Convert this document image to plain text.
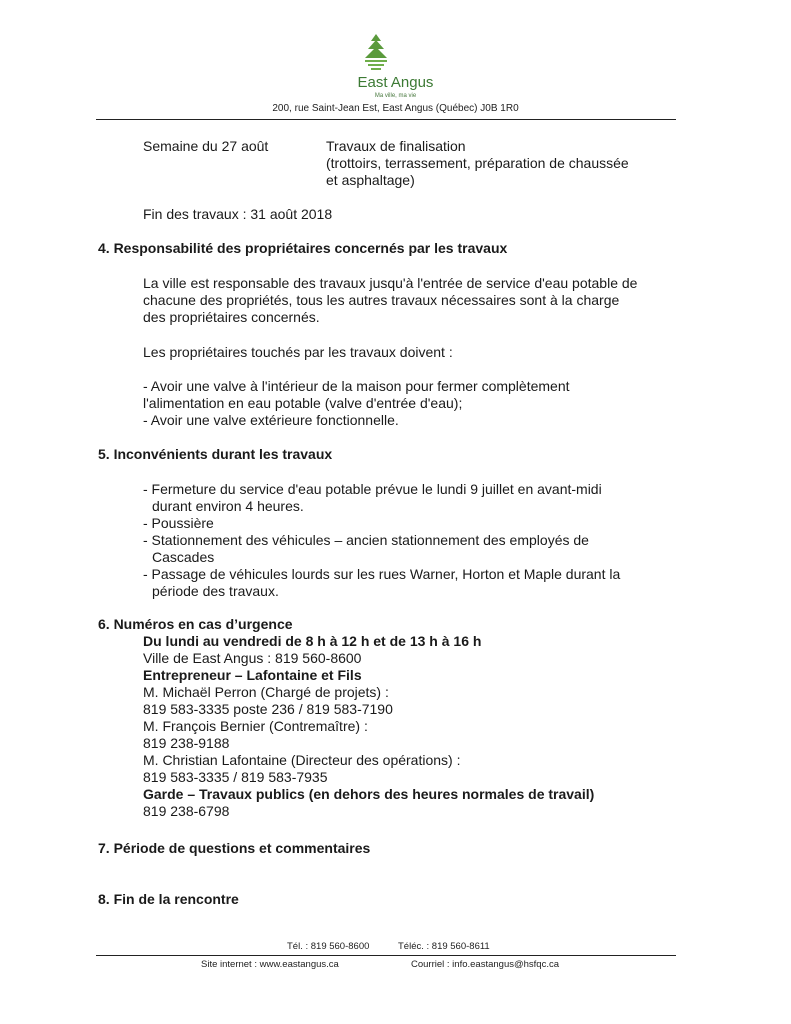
East Angus
Ma ville, ma vie
200, rue Saint-Jean Est, East Angus (Québec) J0B 1R0
Semaine du 27 août	Travaux de finalisation
(trottoirs, terrassement, préparation de chaussée
et asphaltage)
Fin des travaux : 31 août 2018
4. Responsabilité des propriétaires concernés par les travaux
La ville est responsable des travaux jusqu'à l'entrée de service d'eau potable de
chacune des propriétés, tous les autres travaux nécessaires sont à la charge
des propriétaires concernés.
Les propriétaires touchés par les travaux doivent :
- Avoir une valve à l'intérieur de la maison pour fermer complètement
l'alimentation en eau potable (valve d'entrée d'eau);
- Avoir une valve extérieure fonctionnelle.
5. Inconvénients durant les travaux
- Fermeture du service d'eau potable prévue le lundi 9 juillet en avant-midi
durant environ 4 heures.
- Poussière
- Stationnement des véhicules – ancien stationnement des employés de
Cascades
- Passage de véhicules lourds sur les rues Warner, Horton et Maple durant la
période des travaux.
6. Numéros en cas d’urgence
Du lundi au vendredi de 8 h à 12 h et de 13 h à 16 h
Ville de East Angus : 819 560-8600
Entrepreneur – Lafontaine et Fils
M. Michaël Perron (Chargé de projets) :
819 583-3335 poste 236 / 819 583-7190
M. François Bernier (Contremaître) :
819 238-9188
M. Christian Lafontaine (Directeur des opérations) :
819 583-3335 / 819 583-7935
Garde – Travaux publics (en dehors des heures normales de travail)
819 238-6798
7. Période de questions et commentaires
8. Fin de la rencontre
Tél. : 819 560-8600	Téléc. : 819 560-8611
Site internet : www.eastangus.ca	Courriel : info.eastangus@hsfqc.ca
